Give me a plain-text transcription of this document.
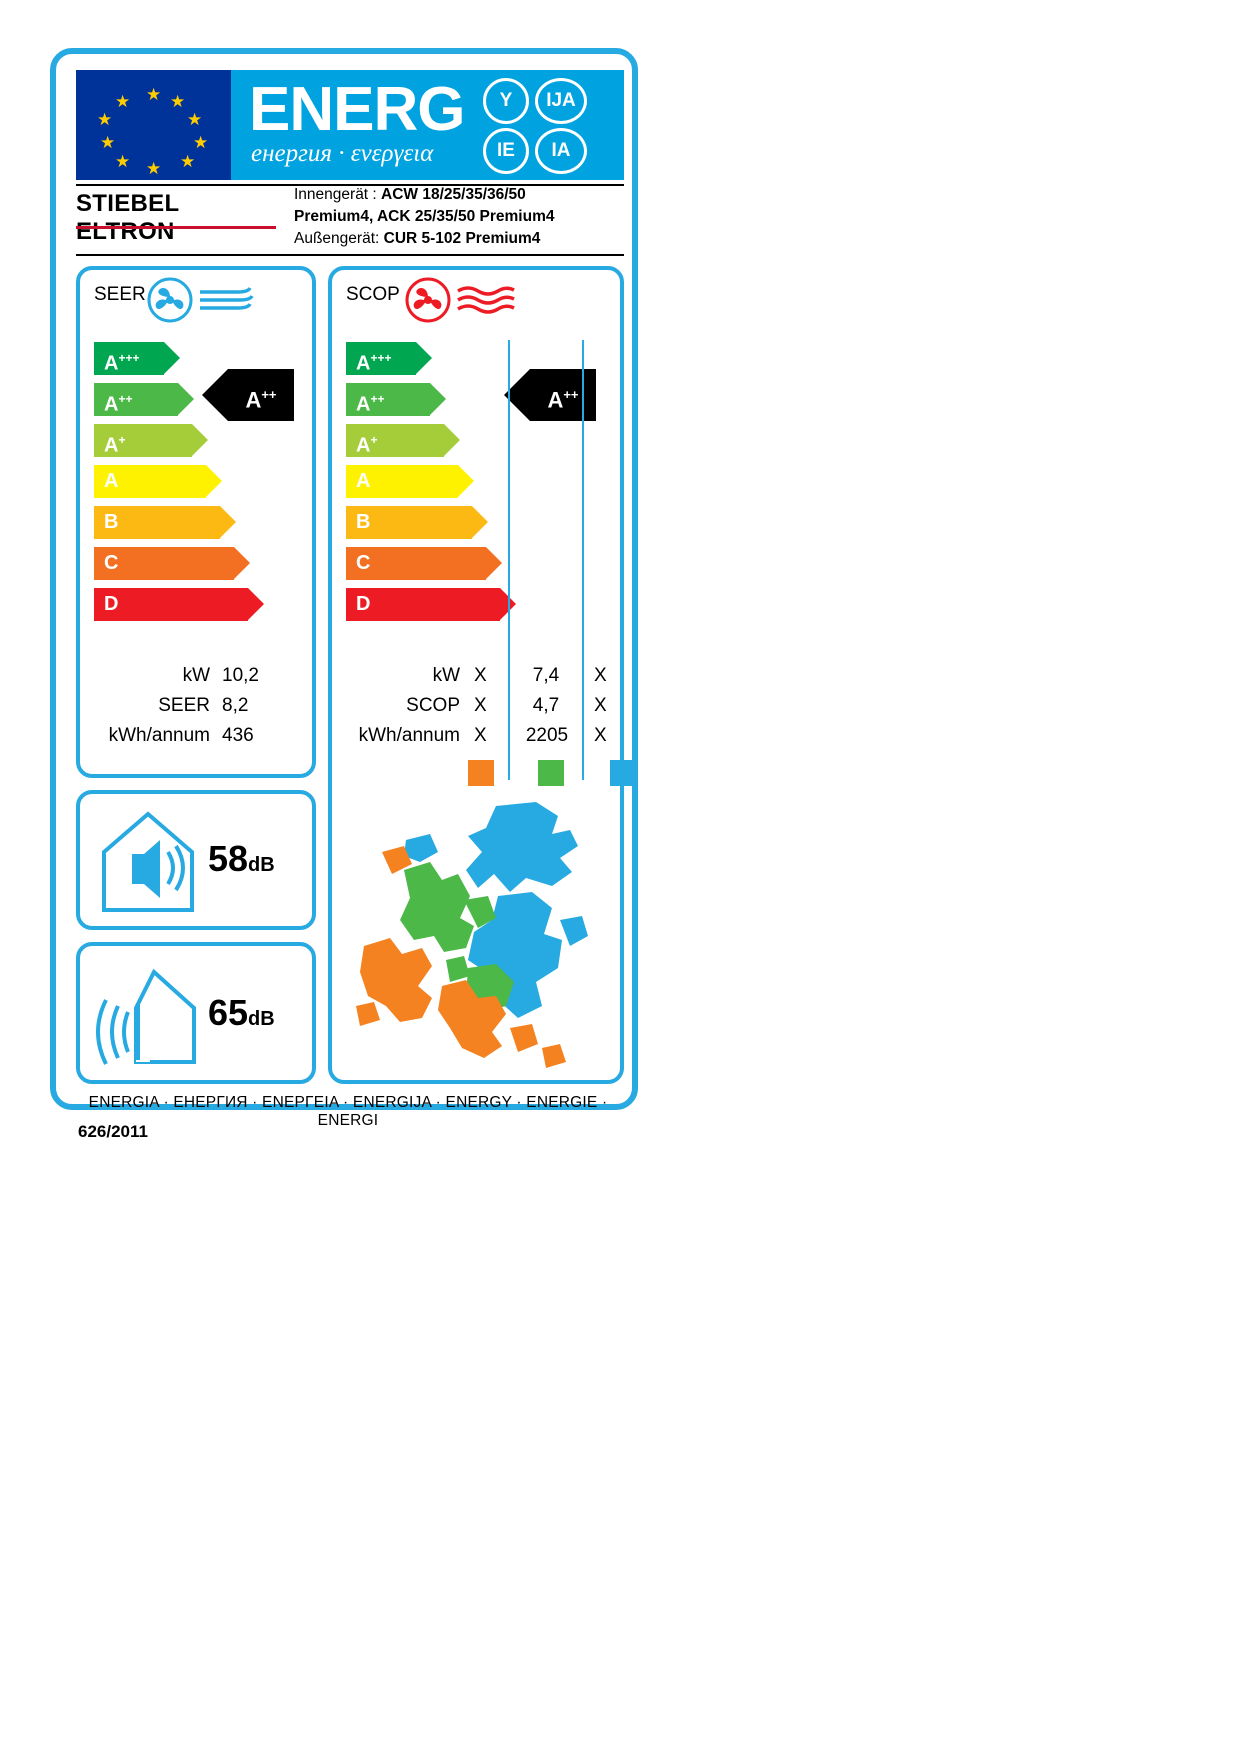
★ ★
★
★
★
★
★
★
★
★ ENERG
енергия · ενεργεια
Y	IJA
IE	IA
STIEBEL ELTRON
Innengerät : ACW 18/25/35/36/50
Premium4, ACK 25/35/50 Premium4
Außengerät: CUR 5-102 Premium4
SEER
A+++
A++
A+
A
B
C
D
A++
kW 10,2
SEER 8,2
kWh/annum 436
SCOP
A+++
A++
A+
A
B
C
D
A++
kW X	7,4	X
SCOP X	4,7	X
kWh/annum X	2205	X
58dB
65dB
ENERGIA · ЕНЕРГИЯ · ΕΝΕΡΓΕΙΑ · ENERGIJA · ENERGY · ENERGIE · ENERGI
626/2011
